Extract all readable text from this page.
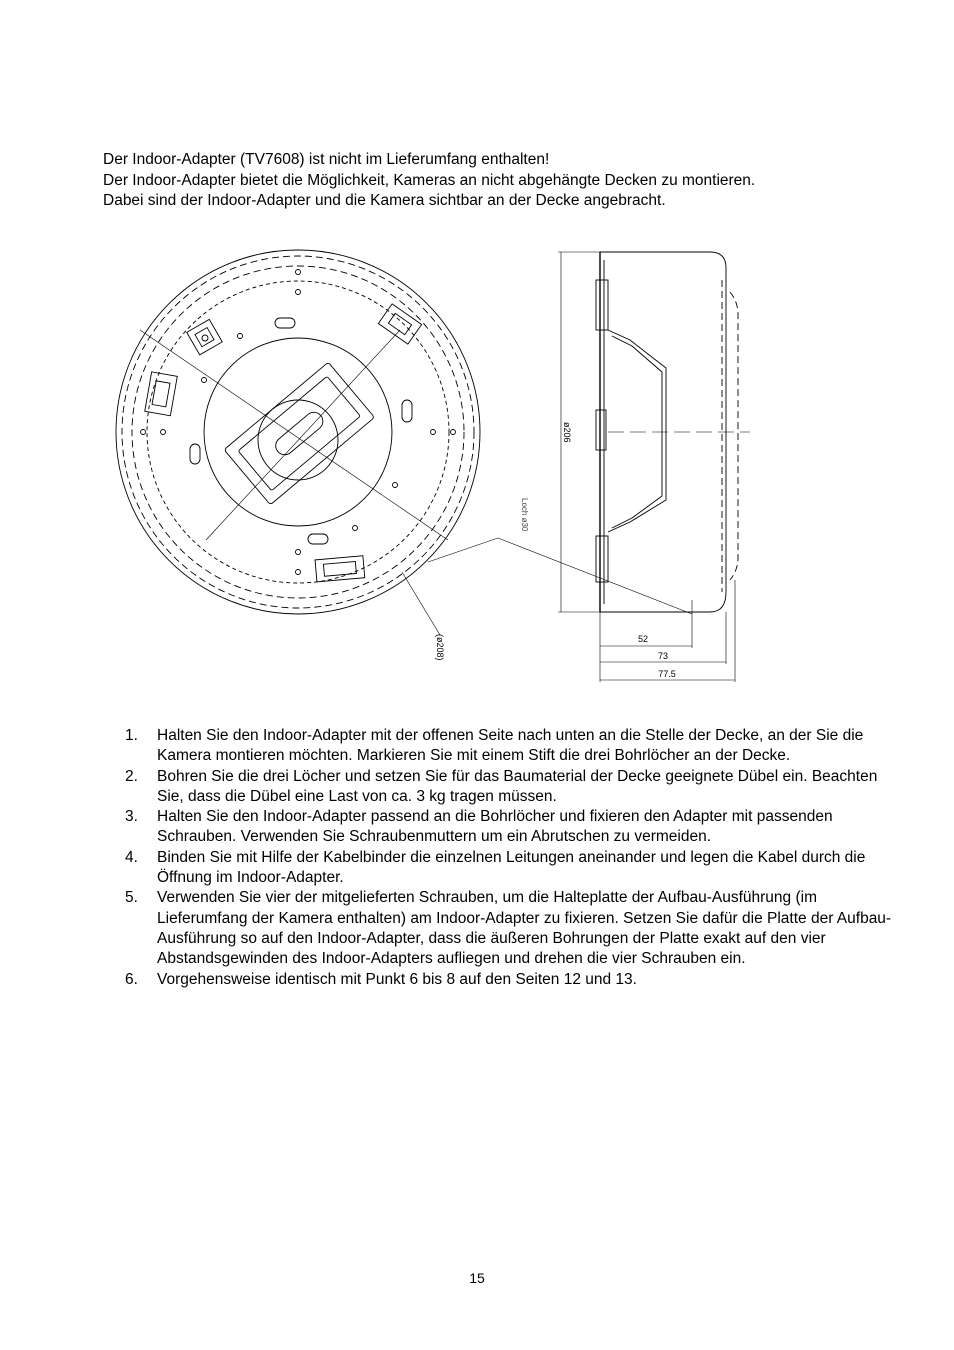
Der Indoor-Adapter (TV7608) ist nicht im Lieferumfang enthalten!

Der Indoor-Adapter bietet die Möglichkeit, Kameras an nicht abgehängte Decken zu montieren.

Dabei sind der Indoor-Adapter und die Kamera sichtbar an der Decke angebracht.

52
73
77.5
ø206
Loch ø30
(ø208)
1. Halten Sie den Indoor-Adapter mit der offenen Seite nach unten an die Stelle der Decke, an der Sie die Kamera montieren möchten. Markieren Sie mit einem Stift die drei Bohrlöcher an der Decke.
2. Bohren Sie die drei Löcher und setzen Sie für das Baumaterial der Decke geeignete Dübel ein. Beachten Sie, dass die Dübel eine Last von ca. 3 kg tragen müssen.
3. Halten Sie den Indoor-Adapter passend an die Bohrlöcher und fixieren den Adapter mit passenden Schrauben. Verwenden Sie Schraubenmuttern um ein Abrutschen zu vermeiden.
4. Binden Sie mit Hilfe der Kabelbinder die einzelnen Leitungen aneinander und legen die Kabel durch die Öffnung im Indoor-Adapter.
5. Verwenden Sie vier der mitgelieferten Schrauben, um die Halteplatte der Aufbau-Ausführung (im Lieferumfang der Kamera enthalten) am Indoor-Adapter zu fixieren. Setzen Sie dafür die Platte der Aufbau-Ausführung so auf den Indoor-Adapter, dass die äußeren Bohrungen der Platte exakt auf den vier Abstandsgewinden des Indoor-Adapters aufliegen und drehen die vier Schrauben ein.
6. Vorgehensweise identisch mit Punkt 6 bis 8 auf den Seiten 12 und 13.
15
